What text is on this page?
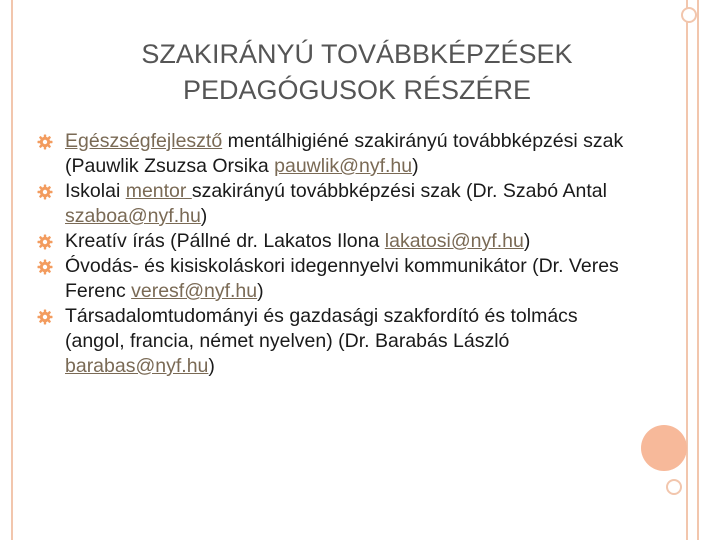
SZAKIRÁNYÚ TOVÁBBKÉPZÉSEK
PEDAGÓGUSOK RÉSZÉRE
Egészségfejlesztő mentálhigiéné szakirányú továbbképzési szak (Pauwlik Zsuzsa Orsika pauwlik@nyf.hu)
Iskolai mentor szakirányú továbbképzési szak (Dr. Szabó Antal szaboa@nyf.hu)
Kreatív írás (Pállné dr. Lakatos Ilona lakatosi@nyf.hu)
Óvodás- és kisiskoláskori idegennyelvi kommunikátor (Dr. Veres Ferenc veresf@nyf.hu)
Társadalomtudományi és gazdasági szakfordító és tolmács (angol, francia, német nyelven) (Dr. Barabás László barabas@nyf.hu)
